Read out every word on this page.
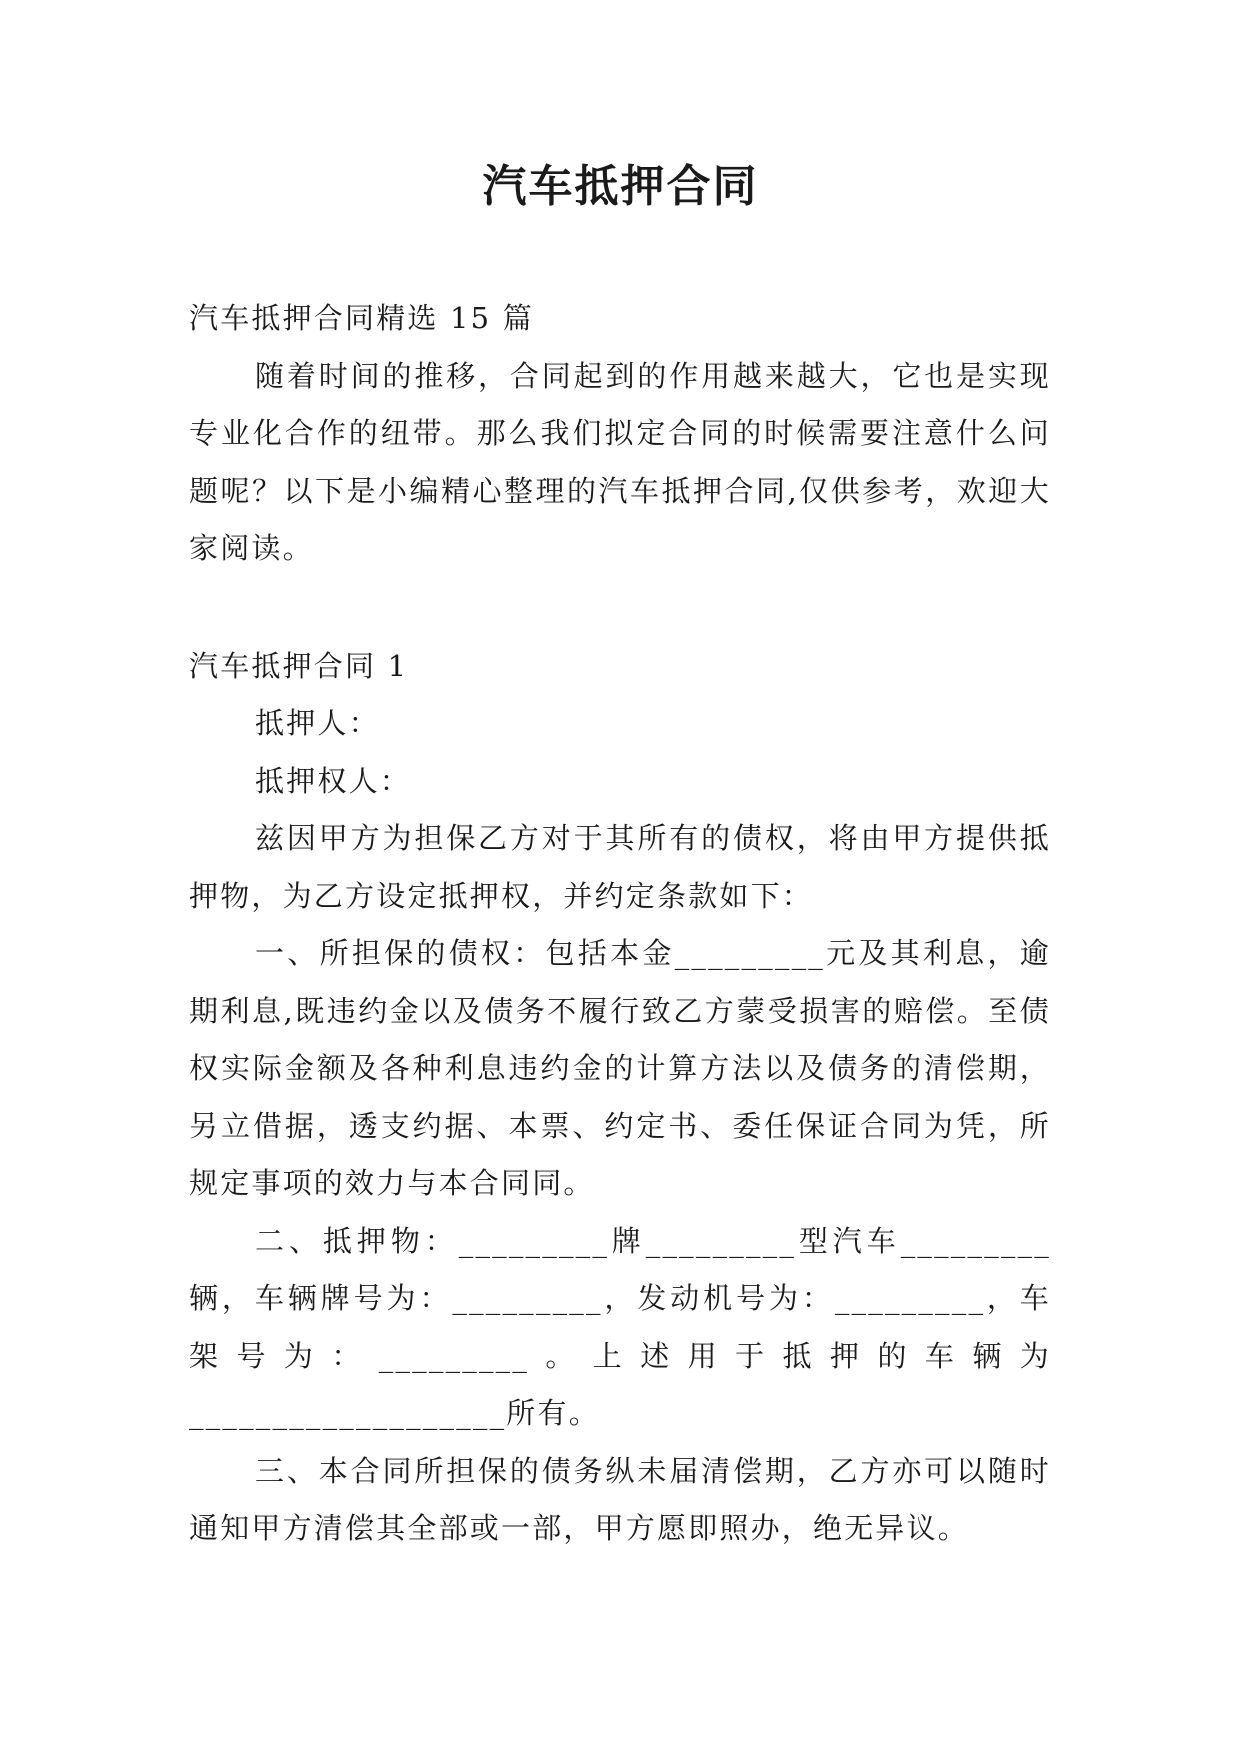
汽车抵押合同

汽车抵押合同精选 15 篇

随着时间的推移，合同起到的作用越来越大，它也是实现专业化合作的纽带。那么我们拟定合同的时候需要注意什么问题呢？以下是小编精心整理的汽车抵押合同,仅供参考，欢迎大家阅读。

汽车抵押合同 1

抵押人：

抵押权人：

兹因甲方为担保乙方对于其所有的债权，将由甲方提供抵押物，为乙方设定抵押权，并约定条款如下：

一、所担保的债权：包括本金_________元及其利息，逾期利息,既违约金以及债务不履行致乙方蒙受损害的赔偿。至债权实际金额及各种利息违约金的计算方法以及债务的清偿期，另立借据，透支约据、本票、约定书、委任保证合同为凭，所规定事项的效力与本合同同。

二、抵押物：_________牌_________型汽车_________辆，车辆牌号为：_________，发动机号为：_________，车架号为：_________。上述用于抵押的车辆为___________________所有。

三、本合同所担保的债务纵未届清偿期，乙方亦可以随时通知甲方清偿其全部或一部，甲方愿即照办，绝无异议。
